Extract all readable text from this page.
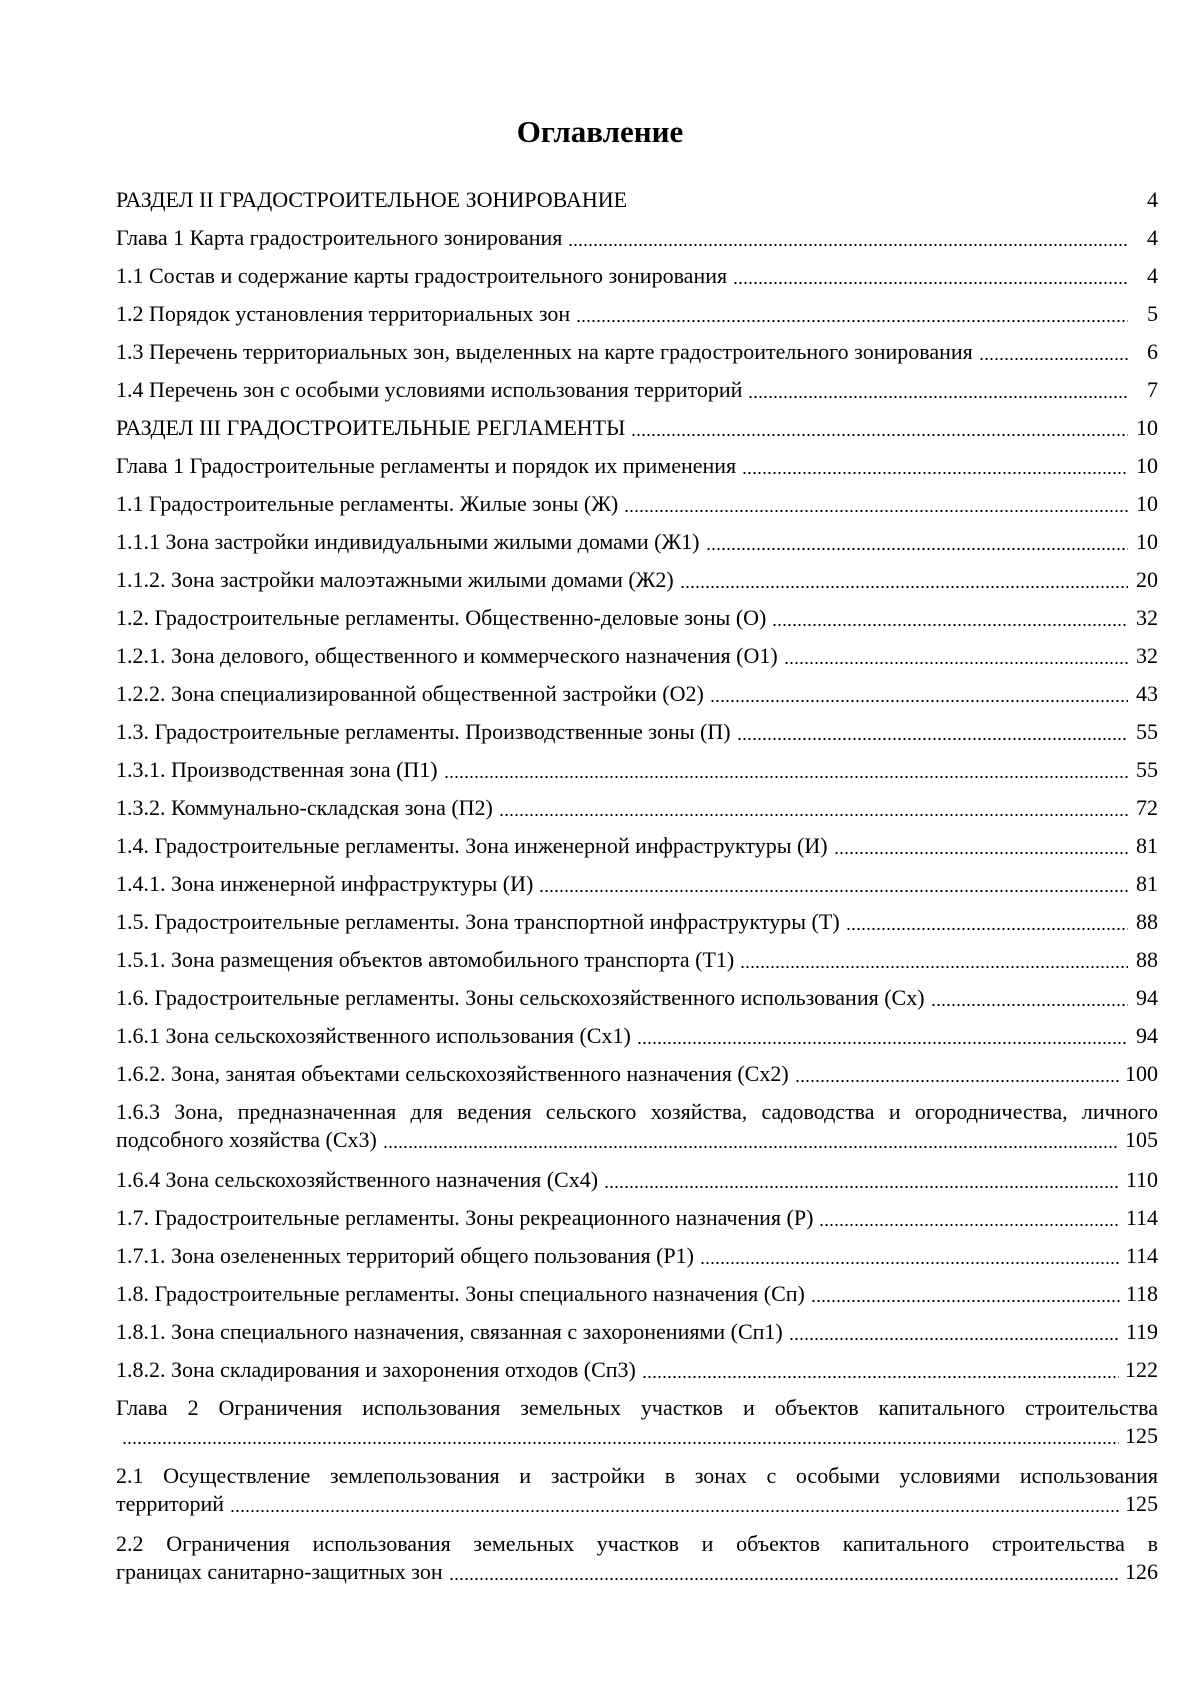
Оглавление
РАЗДЕЛ II ГРАДОСТРОИТЕЛЬНОЕ ЗОНИРОВАНИЕ	4
Глава 1 Карта градостроительного зонирования	4
1.1 Состав и содержание карты градостроительного зонирования	4
1.2 Порядок установления территориальных зон	5
1.3 Перечень территориальных зон, выделенных на карте градостроительного зонирования	6
1.4 Перечень зон с особыми условиями использования территорий	7
РАЗДЕЛ III ГРАДОСТРОИТЕЛЬНЫЕ РЕГЛАМЕНТЫ	10
Глава 1 Градостроительные регламенты и порядок их применения	10
1.1 Градостроительные регламенты. Жилые зоны (Ж)	10
1.1.1 Зона застройки индивидуальными жилыми домами (Ж1)	10
1.1.2. Зона застройки малоэтажными жилыми домами (Ж2)	20
1.2. Градостроительные регламенты. Общественно-деловые зоны (О)	32
1.2.1. Зона делового, общественного и коммерческого назначения (О1)	32
1.2.2. Зона специализированной общественной застройки (О2)	43
1.3. Градостроительные регламенты. Производственные зоны (П)	55
1.3.1. Производственная зона (П1)	55
1.3.2. Коммунально-складская зона (П2)	72
1.4. Градостроительные регламенты. Зона инженерной инфраструктуры (И)	81
1.4.1. Зона инженерной инфраструктуры (И)	81
1.5. Градостроительные регламенты. Зона транспортной инфраструктуры (Т)	88
1.5.1. Зона размещения объектов автомобильного транспорта (Т1)	88
1.6. Градостроительные регламенты. Зоны сельскохозяйственного использования (Сх)	94
1.6.1 Зона сельскохозяйственного использования (Сх1)	94
1.6.2. Зона, занятая объектами сельскохозяйственного назначения (Сх2)	100
1.6.3 Зона, предназначенная для ведения сельского хозяйства, садоводства и огородничества, личного
подсобного хозяйства (Сх3)	105
1.6.4 Зона сельскохозяйственного назначения (Сх4)	110
1.7. Градостроительные регламенты. Зоны рекреационного назначения (Р)	114
1.7.1. Зона озелененных территорий общего пользования (Р1)	114
1.8. Градостроительные регламенты. Зоны специального назначения (Сп)	118
1.8.1. Зона специального назначения, связанная с захоронениями (Сп1)	119
1.8.2. Зона складирования и захоронения отходов (Сп3)	122
Глава 2 Ограничения использования земельных участков и объектов капитального строительства
125
2.1 Осуществление землепользования и застройки в зонах с особыми условиями использования
территорий	125
2.2 Ограничения использования земельных участков и объектов капитального строительства в
границах санитарно-защитных зон	126
